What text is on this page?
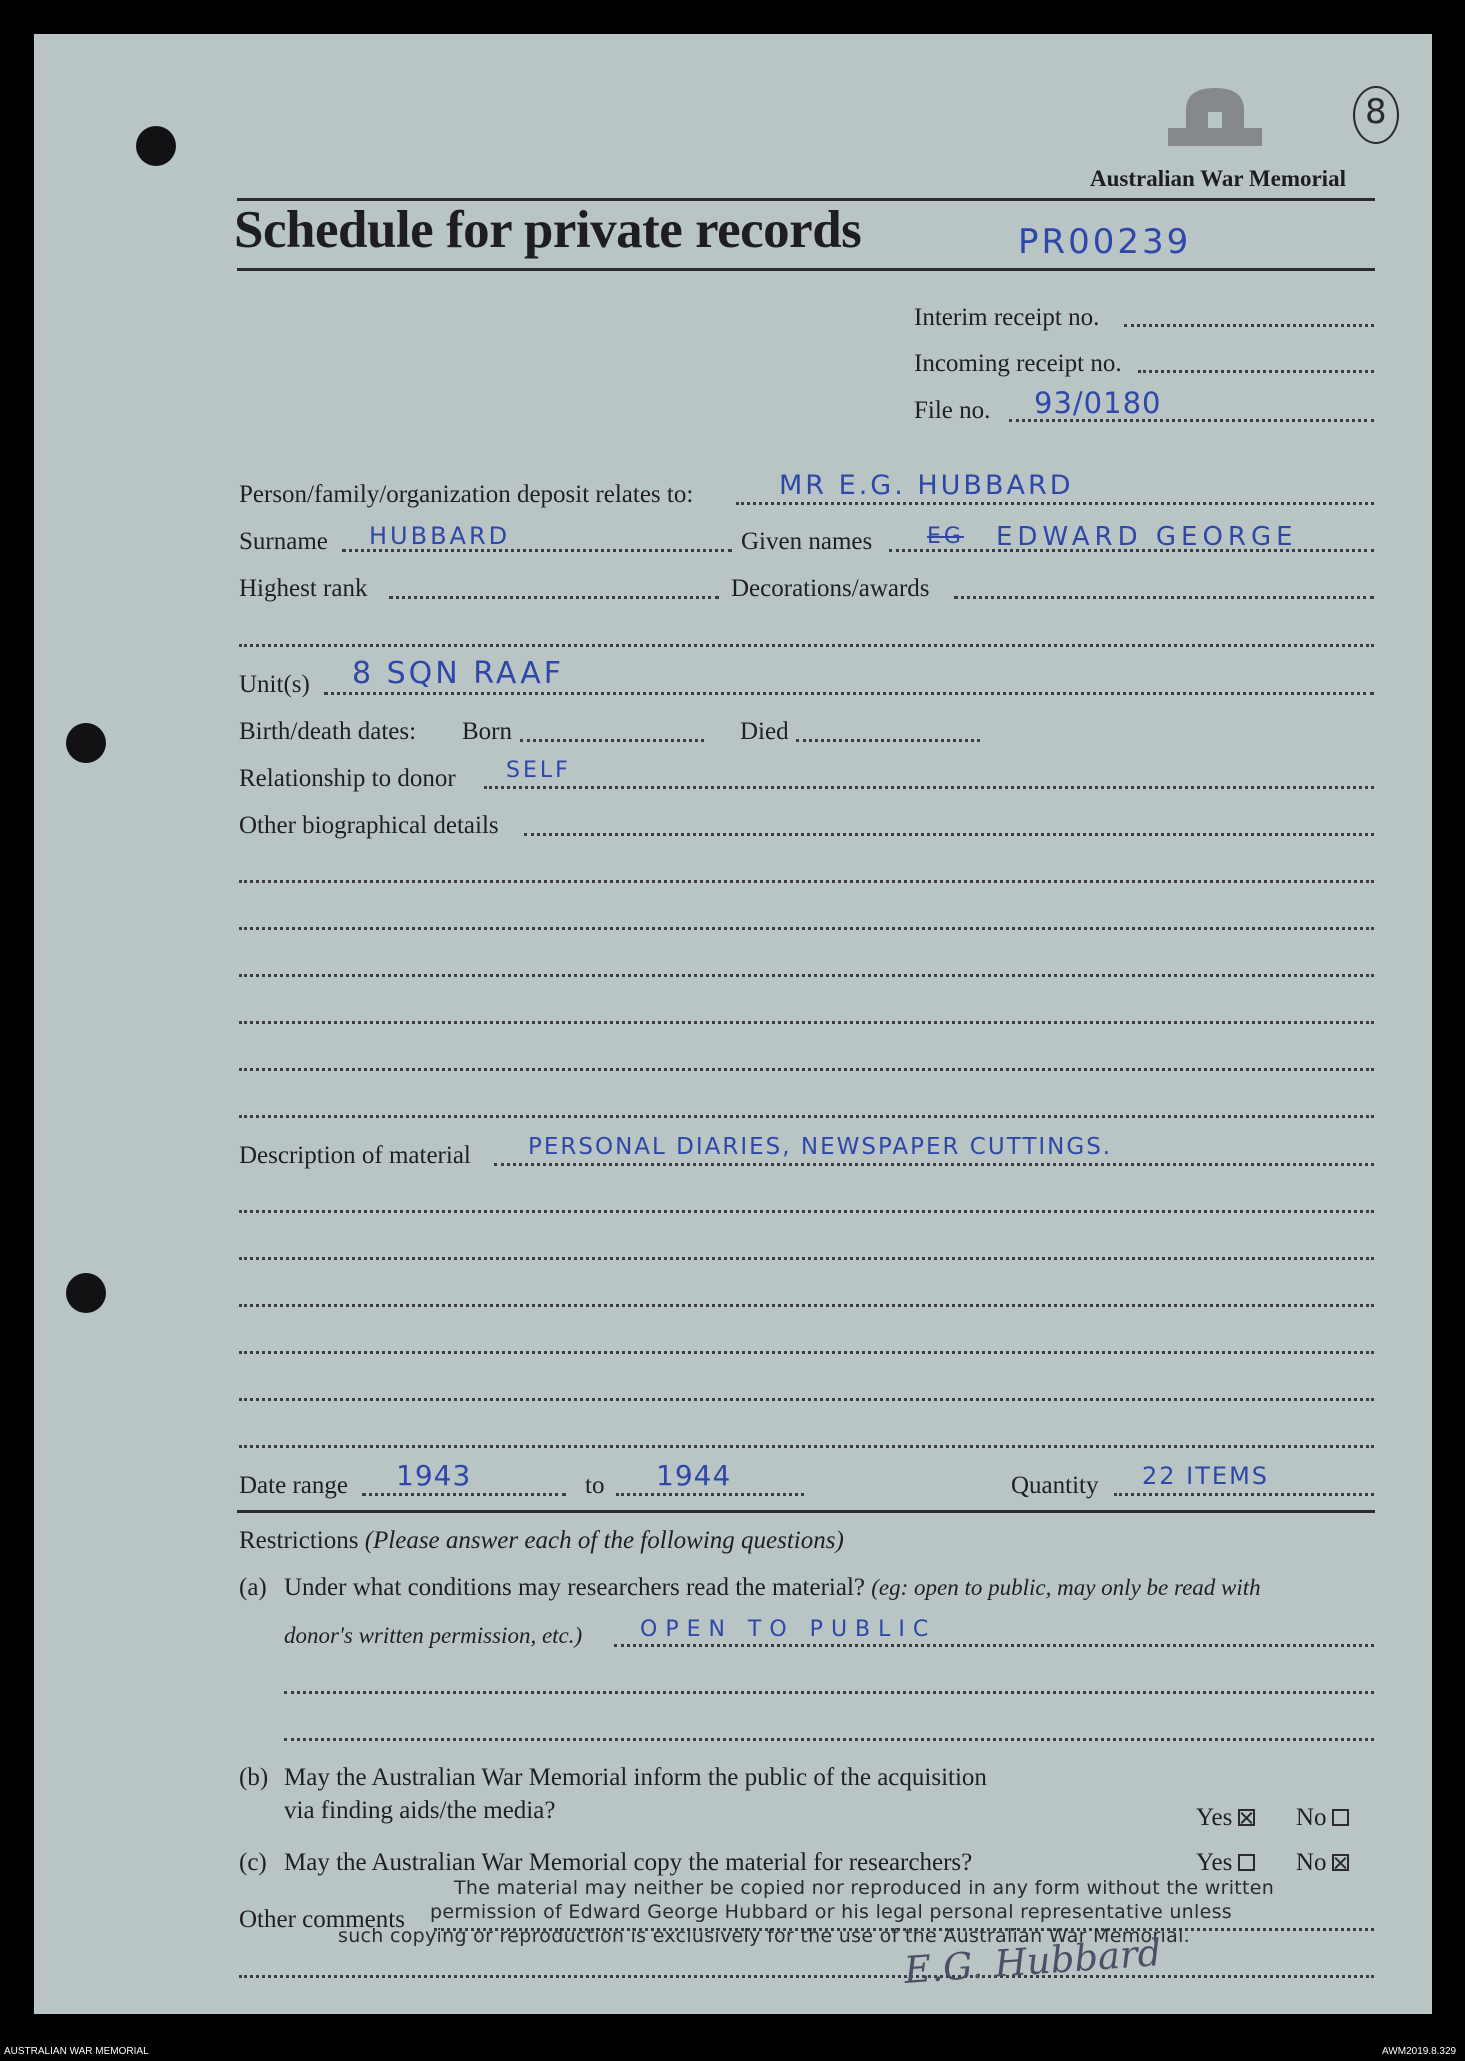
8
Australian War Memorial
Schedule for private records	PR00239
Interim receipt no.
Incoming receipt no.
File no. 93/0180
Person/family/organization deposit relates to:	MR E.G. HUBBARD
Surname HUBBARD	Given names EG EDWARD GEORGE
Highest rank	Decorations/awards
Unit(s) 8 SQN RAAF
Birth/death dates: Born	Died
Relationship to donor SELF
Other biographical details
Description of material PERSONAL DIARIES, NEWSPAPER CUTTINGS.
Date range 1943	to 1944	Quantity 22 ITEMS
Restrictions (Please answer each of the following questions)
(a) Under what conditions may researchers read the material? (eg: open to public, may only be read with
donor's written permission, etc.)	OPEN TO PUBLIC
(b) May the Australian War Memorial inform the public of the acquisition
via finding aids/the media?	Yes	No
(c) May the Australian War Memorial copy the material for researchers?	Yes	No
Other comments
The material may neither be copied nor reproduced in any form without the written
permission of Edward George Hubbard or his legal personal representative unless
such copying or reproduction is exclusively for the use of the Australian War Memorial.
E.G. Hubbard
AUSTRALIAN WAR MEMORIAL	AWM2019.8.329
